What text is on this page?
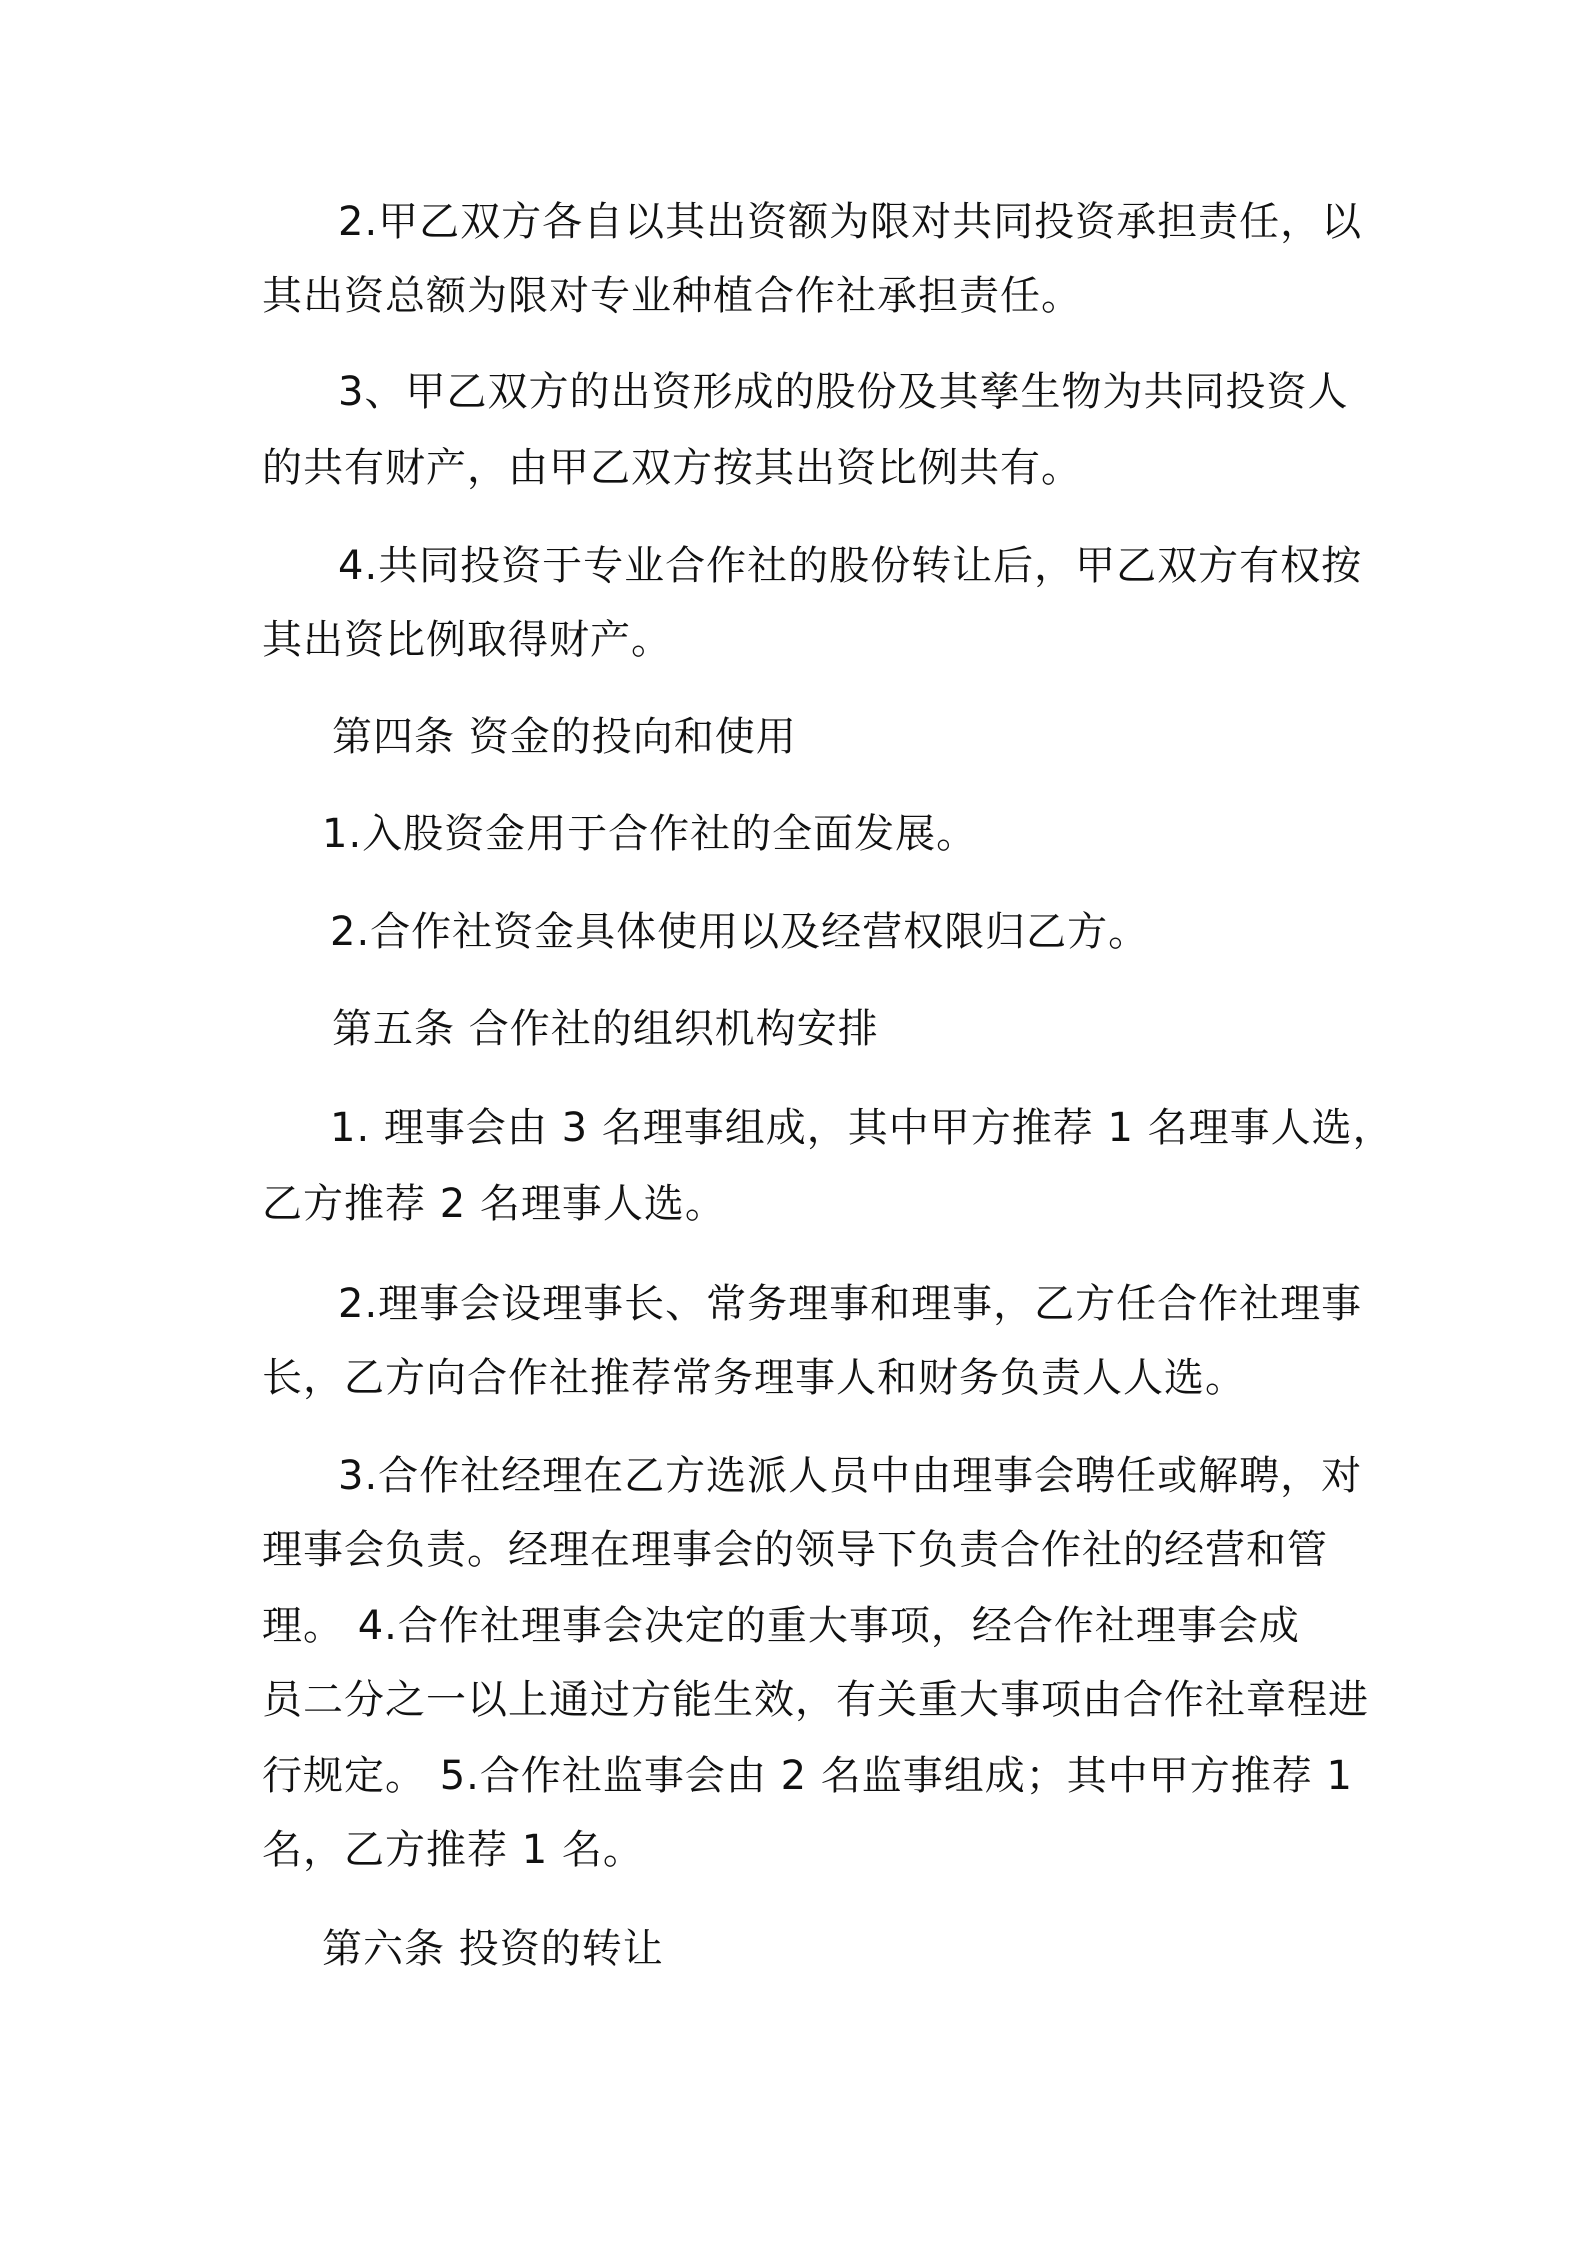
2.甲乙双方各自以其出资额为限对共同投资承担责任，以

其出资总额为限对专业种植合作社承担责任。

3、甲乙双方的出资形成的股份及其孳生物为共同投资人

的共有财产，由甲乙双方按其出资比例共有。

4.共同投资于专业合作社的股份转让后，甲乙双方有权按

其出资比例取得财产。

第四条 资金的投向和使用

1.入股资金用于合作社的全面发展。

2.合作社资金具体使用以及经营权限归乙方。

第五条 合作社的组织机构安排

1. 理事会由 3 名理事组成，其中甲方推荐 1 名理事人选，

乙方推荐 2 名理事人选。

2.理事会设理事长、常务理事和理事，乙方任合作社理事

长，乙方向合作社推荐常务理事人和财务负责人人选。

3.合作社经理在乙方选派人员中由理事会聘任或解聘，对

理事会负责。经理在理事会的领导下负责合作社的经营和管

理。 4.合作社理事会决定的重大事项，经合作社理事会成

员二分之一以上通过方能生效，有关重大事项由合作社章程进

行规定。 5.合作社监事会由 2 名监事组成；其中甲方推荐 1

名，乙方推荐 1 名。

第六条 投资的转让
